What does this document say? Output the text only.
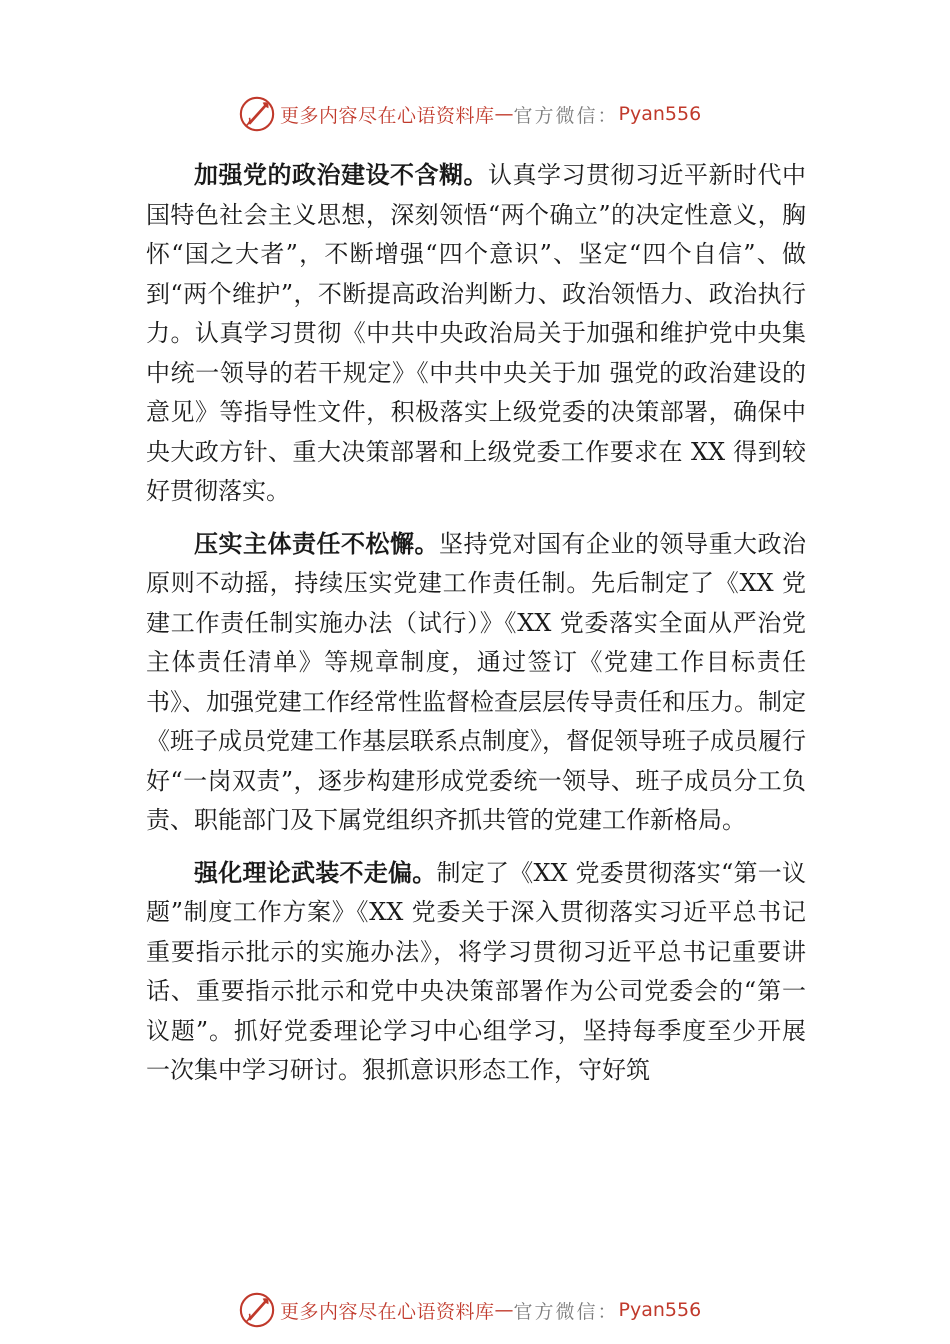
更多内容尽在心语资料库 — 官方微信： Pyan556

加强党的政治建设不含糊。认真学习贯彻习近平新时代中国特色社会主义思想，深刻领悟“两个确立”的决定性意义，胸怀“国之大者”，不断增强“四个意识”、坚定“四个自信”、做到“两个维护”，不断提高政治判断力、政治领悟力、政治执行力。认真学习贯彻《中共中央政治局关于加强和维护党中央集中统一领导的若干规定》《中共中央关于加 强党的政治建设的意见》等指导性文件，积极落实上级党委的决策部署，确保中央大政方针、重大决策部署和上级党委工作要求在 XX 得到较好贯彻落实。

压实主体责任不松懈。坚持党对国有企业的领导重大政治原则不动摇，持续压实党建工作责任制。先后制定了《XX 党建工作责任制实施办法（试行）》《XX 党委落实全面从严治党主体责任清单》等规章制度，通过签订《党建工作目标责任书》、加强党建工作经常性监督检查层层传导责任和压力。制定《班子成员党建工作基层联系点制度》，督促领导班子成员履行好“一岗双责”，逐步构建形成党委统一领导、班子成员分工负责、职能部门及下属党组织齐抓共管的党建工作新格局。

强化理论武装不走偏。制定了《XX 党委贯彻落实“第一议题”制度工作方案》《XX 党委关于深入贯彻落实习近平总书记重要指示批示的实施办法》，将学习贯彻习近平总书记重要讲话、重要指示批示和党中央决策部署作为公司党委会的“第一议题”。抓好党委理论学习中心组学习，坚持每季度至少开展一次集中学习研讨。狠抓意识形态工作，守好筑

更多内容尽在心语资料库 — 官方微信： Pyan556
